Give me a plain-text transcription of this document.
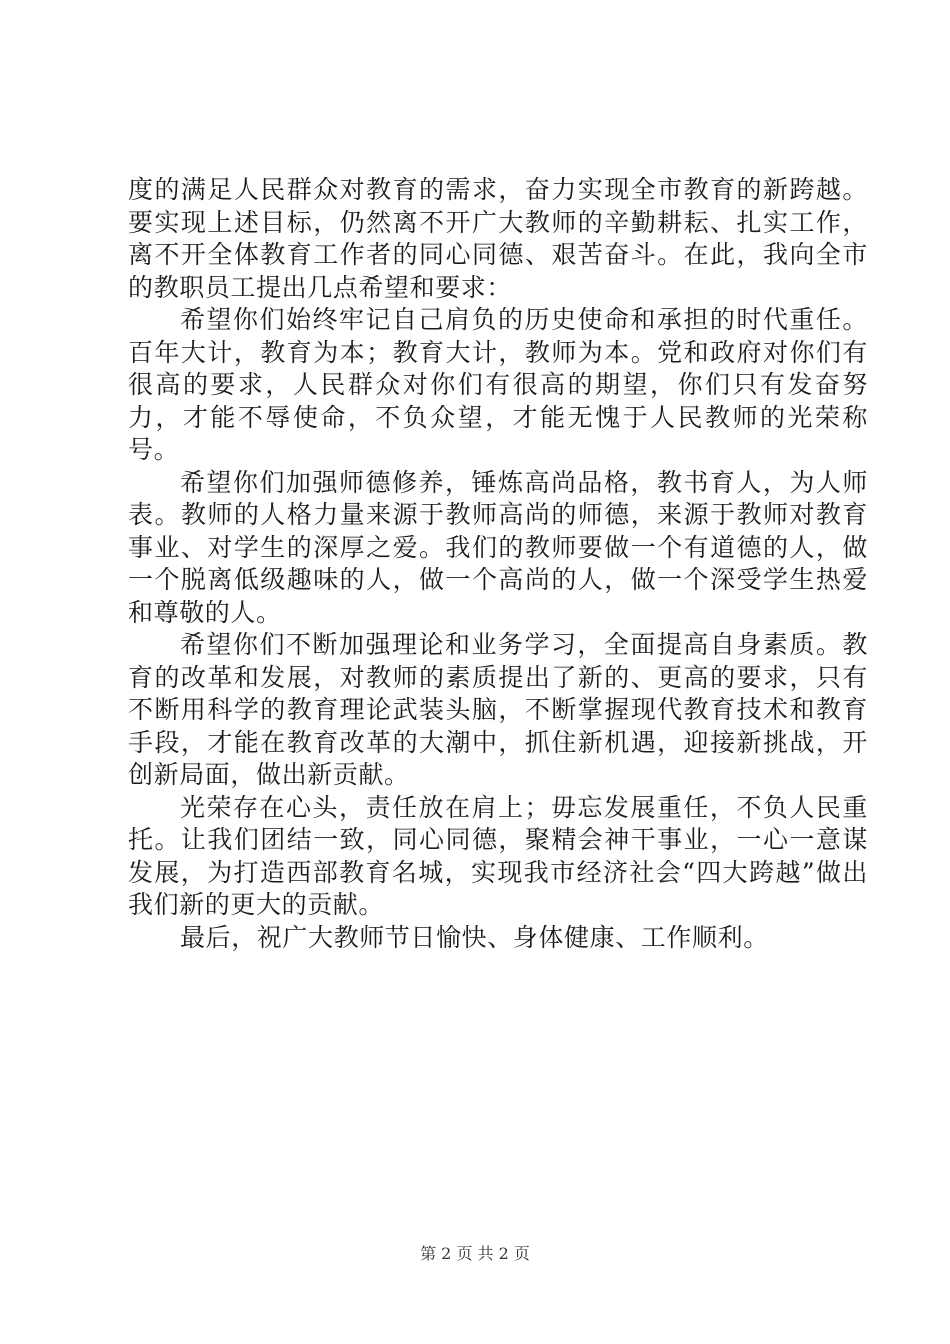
度的满足人民群众对教育的需求，奋力实现全市教育的新跨越。要实现上述目标，仍然离不开广大教师的辛勤耕耘、扎实工作，离不开全体教育工作者的同心同德、艰苦奋斗。在此，我向全市的教职员工提出几点希望和要求：

希望你们始终牢记自己肩负的历史使命和承担的时代重任。百年大计，教育为本；教育大计，教师为本。党和政府对你们有很高的要求，人民群众对你们有很高的期望，你们只有发奋努力，才能不辱使命，不负众望，才能无愧于人民教师的光荣称号。

希望你们加强师德修养，锤炼高尚品格，教书育人，为人师表。教师的人格力量来源于教师高尚的师德，来源于教师对教育事业、对学生的深厚之爱。我们的教师要做一个有道德的人，做一个脱离低级趣味的人，做一个高尚的人，做一个深受学生热爱和尊敬的人。

希望你们不断加强理论和业务学习，全面提高自身素质。教育的改革和发展，对教师的素质提出了新的、更高的要求，只有不断用科学的教育理论武装头脑，不断掌握现代教育技术和教育手段，才能在教育改革的大潮中，抓住新机遇，迎接新挑战，开创新局面，做出新贡献。

光荣存在心头，责任放在肩上；毋忘发展重任，不负人民重托。让我们团结一致，同心同德，聚精会神干事业，一心一意谋发展，为打造西部教育名城，实现我市经济社会“四大跨越”做出我们新的更大的贡献。

最后，祝广大教师节日愉快、身体健康、工作顺利。

第 2 页 共 2 页
